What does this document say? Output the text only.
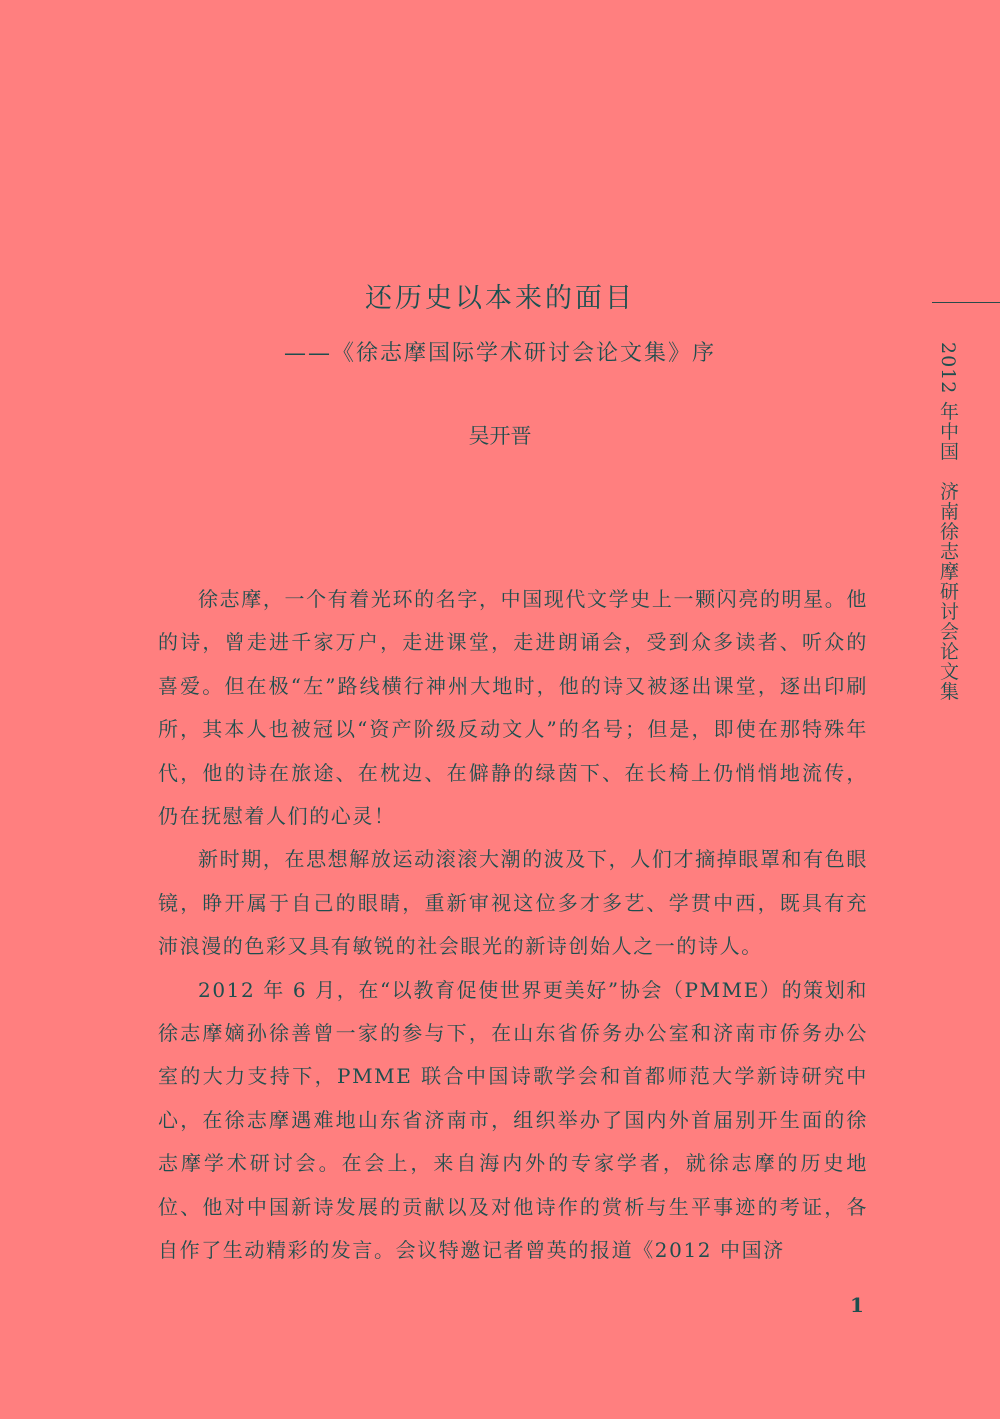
还历史以本来的面目
——《徐志摩国际学术研讨会论文集》序
吴开晋

徐志摩，一个有着光环的名字，中国现代文学史上一颗闪亮的明星。他的诗，曾走进千家万户，走进课堂，走进朗诵会，受到众多读者、听众的喜爱。但在极“左”路线横行神州大地时，他的诗又被逐出课堂，逐出印刷所，其本人也被冠以“资产阶级反动文人”的名号；但是，即使在那特殊年代，他的诗在旅途、在枕边、在僻静的绿茵下、在长椅上仍悄悄地流传，仍在抚慰着人们的心灵！

新时期，在思想解放运动滚滚大潮的波及下，人们才摘掉眼罩和有色眼镜，睁开属于自己的眼睛，重新审视这位多才多艺、学贯中西，既具有充沛浪漫的色彩又具有敏锐的社会眼光的新诗创始人之一的诗人。

2012 年 6 月，在“以教育促使世界更美好”协会（PMME）的策划和徐志摩嫡孙徐善曾一家的参与下，在山东省侨务办公室和济南市侨务办公室的大力支持下，PMME 联合中国诗歌学会和首都师范大学新诗研究中心，在徐志摩遇难地山东省济南市，组织举办了国内外首届别开生面的徐志摩学术研讨会。在会上，来自海内外的专家学者，就徐志摩的历史地位、他对中国新诗发展的贡献以及对他诗作的赏析与生平事迹的考证，各自作了生动精彩的发言。会议特邀记者曾英的报道《2012 中国济

2012 年中国　济南徐志摩研讨会论文集
1
